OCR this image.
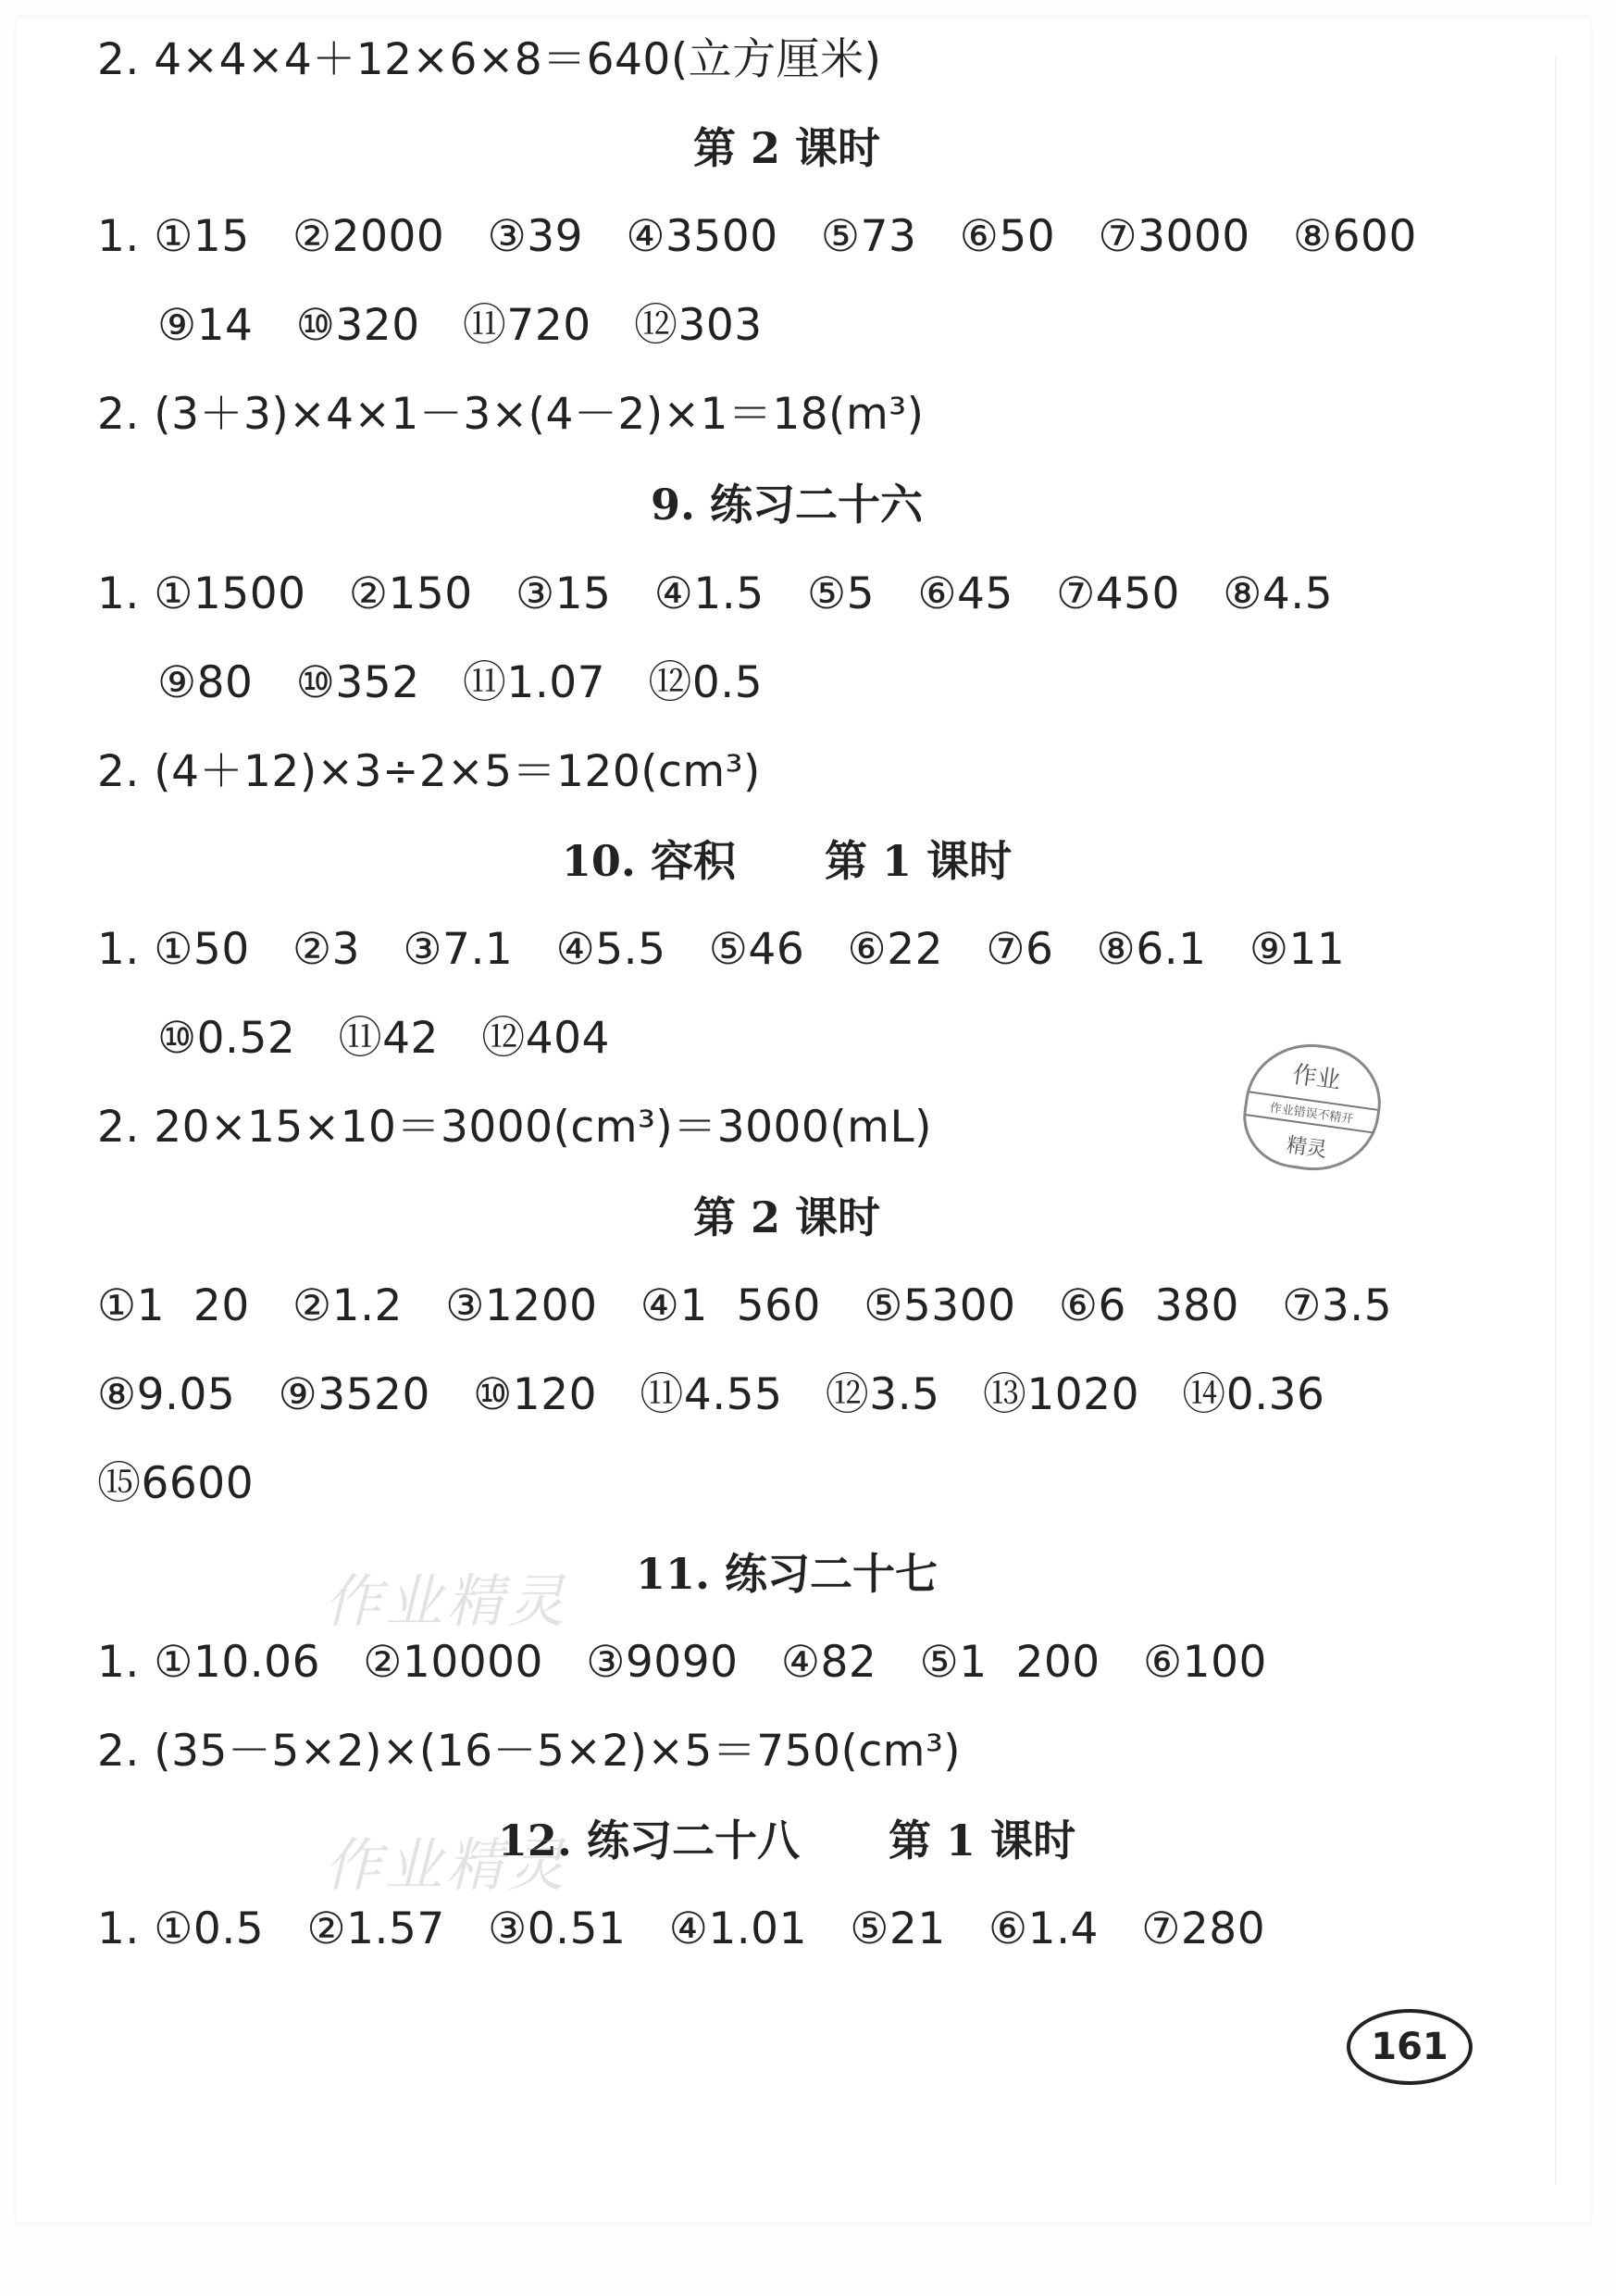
2. 4×4×4＋12×6×8＝640(立方厘米)
第 2 课时
1. ①15   ②2000   ③39   ④3500   ⑤73   ⑥50   ⑦3000   ⑧600
⑨14   ⑩320   ⑪720   ⑫303
2. (3＋3)×4×1－3×(4－2)×1＝18(m³)
9. 练习二十六
1. ①1500   ②150   ③15   ④1.5   ⑤5   ⑥45   ⑦450   ⑧4.5
⑨80   ⑩352   ⑪1.07   ⑫0.5
2. (4＋12)×3÷2×5＝120(cm³)
10. 容积      第 1 课时
1. ①50   ②3   ③7.1   ④5.5   ⑤46   ⑥22   ⑦6   ⑧6.1   ⑨11
⑩0.52   ⑪42   ⑫404
2. 20×15×10＝3000(cm³)＝3000(mL)
第 2 课时
①1  20   ②1.2   ③1200   ④1  560   ⑤5300   ⑥6  380   ⑦3.5
⑧9.05   ⑨3520   ⑩120   ⑪4.55   ⑫3.5   ⑬1020   ⑭0.36
⑮6600
11. 练习二十七
1. ①10.06   ②10000   ③9090   ④82   ⑤1  200   ⑥100
2. (35－5×2)×(16－5×2)×5＝750(cm³)
12. 练习二十八      第 1 课时
1. ①0.5   ②1.57   ③0.51   ④1.01   ⑤21   ⑥1.4   ⑦280
作业精灵
作业精灵
作业
作业错误不精开
精灵
161
